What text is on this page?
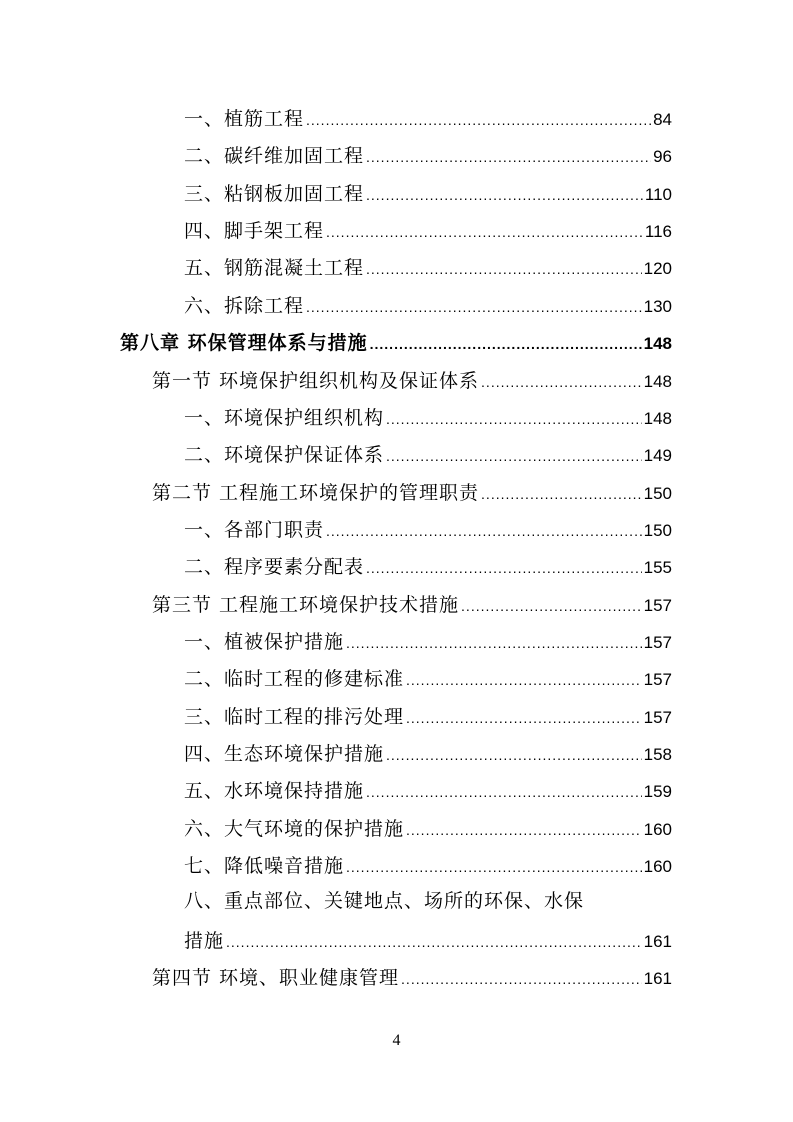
一、植筋工程 .....	84
二、碳纤维加固工程 .....	96
三、粘钢板加固工程 .....	110
四、脚手架工程 .....	116
五、钢筋混凝土工程 .....	120
六、拆除工程 .....	130
第八章 环保管理体系与措施 .....	148
第一节 环境保护组织机构及保证体系 .....	148
一、环境保护组织机构 .....	148
二、环境保护保证体系 .....	149
第二节 工程施工环境保护的管理职责 .....	150
一、各部门职责 .....	150
二、程序要素分配表 .....	155
第三节 工程施工环境保护技术措施 .....	157
一、植被保护措施 .....	157
二、临时工程的修建标准 .....	157
三、临时工程的排污处理 .....	157
四、生态环境保护措施 .....	158
五、水环境保持措施 .....	159
六、大气环境的保护措施 .....	160
七、降低噪音措施 .....	160
八、重点部位、关键地点、场所的环保、水保
措施 .....	161
第四节 环境、职业健康管理 .....	161
4
